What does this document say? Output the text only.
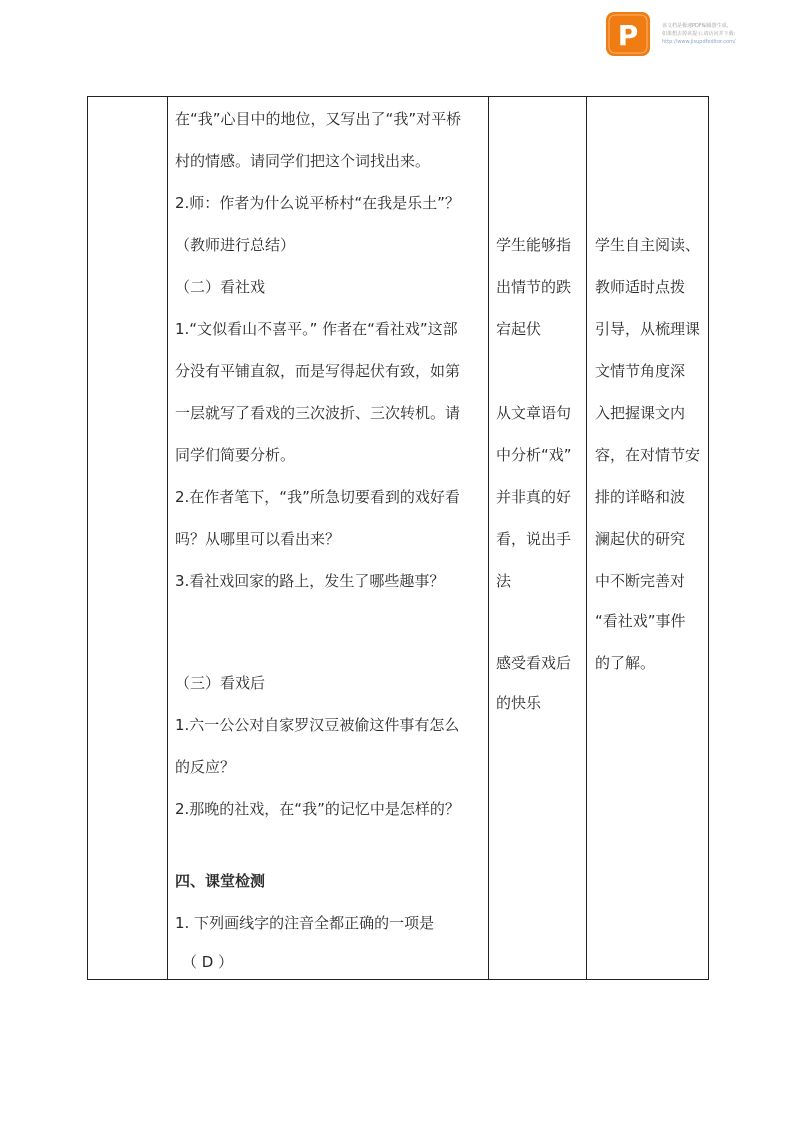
P	该文档是极速PDF编辑器生成,
如果想去掉该提示,请访问并下载:
http://www.jisupdfeditor.com/

在“我”心目中的地位，又写出了“我”对平桥
村的情感。请同学们把这个词找出来。
2.师：作者为什么说平桥村“在我是乐土”？
（教师进行总结）
（二）看社戏
1.“文似看山不喜平。” 作者在“看社戏”这部
分没有平铺直叙，而是写得起伏有致，如第
一层就写了看戏的三次波折、三次转机。请
同学们简要分析。
2.在作者笔下，“我”所急切要看到的戏好看
吗？从哪里可以看出来？
3.看社戏回家的路上，发生了哪些趣事？
（三）看戏后
1.六一公公对自家罗汉豆被偷这件事有怎么
的反应？
2.那晚的社戏，在“我”的记忆中是怎样的？
四、课堂检测
1. 下列画线字的注音全都正确的一项是
（ D ）

学生能够指
出情节的跌
宕起伏
从文章语句
中分析“戏”
并非真的好
看，说出手
法
感受看戏后
的快乐

学生自主阅读、
教师适时点拨
引导，从梳理课
文情节角度深
入把握课文内
容，在对情节安
排的详略和波
澜起伏的研究
中不断完善对
“看社戏”事件
的了解。
